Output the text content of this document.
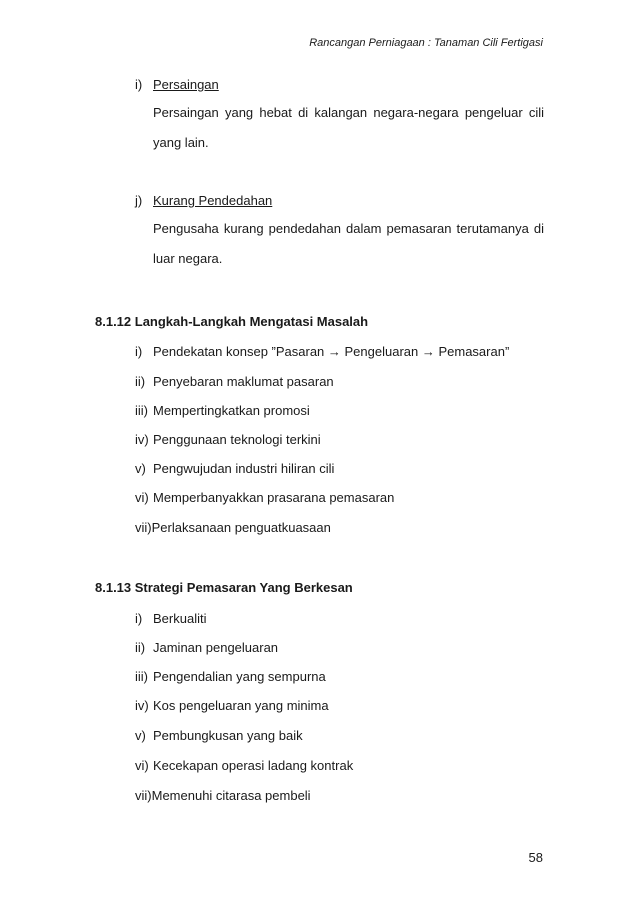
Rancangan Perniagaan : Tanaman Cili Fertigasi
i) Persaingan
Persaingan yang hebat di kalangan negara-negara pengeluar cili yang lain.
j) Kurang Pendedahan
Pengusaha kurang pendedahan dalam pemasaran terutamanya di luar negara.
8.1.12 Langkah-Langkah Mengatasi Masalah
i) Pendekatan konsep ”Pasaran → Pengeluaran → Pemasaran”
ii) Penyebaran maklumat pasaran
iii) Mempertingkatkan promosi
iv) Penggunaan teknologi terkini
v) Pengwujudan industri hiliran cili
vi) Memperbanyakkan prasarana pemasaran
vii)Perlaksanaan penguatkuasaan
8.1.13 Strategi Pemasaran Yang Berkesan
i) Berkualiti
ii) Jaminan pengeluaran
iii) Pengendalian yang sempurna
iv) Kos pengeluaran yang minima
v) Pembungkusan yang baik
vi) Kecekapan operasi ladang kontrak
vii)Memenuhi citarasa pembeli
58
